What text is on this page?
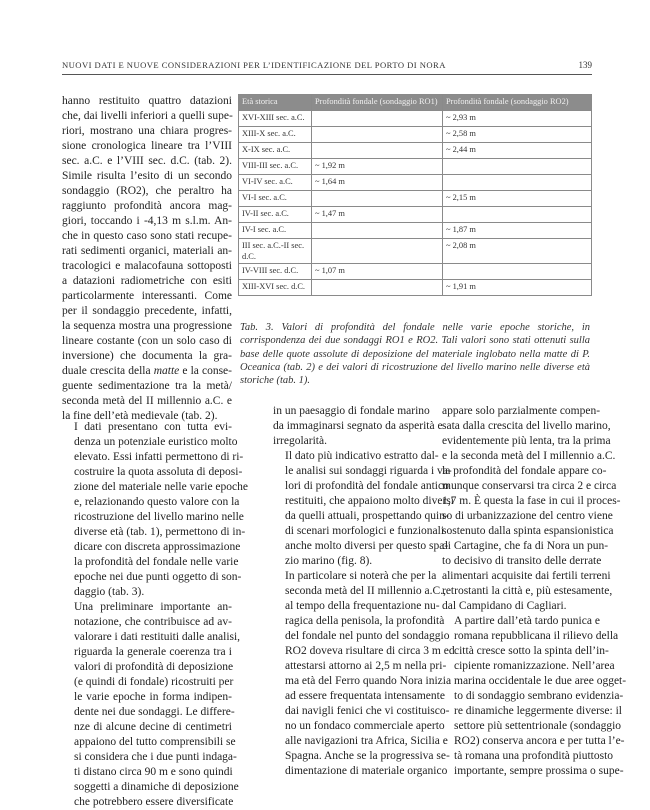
NUOVI DATI E NUOVE CONSIDERAZIONI PER L’IDENTIFICAZIONE DEL PORTO DI NORA	139

hanno restituito quattro datazioni
che, dai livelli inferiori a quelli supe-
riori, mostrano una chiara progres-
sione cronologica lineare tra l’VIII
sec. a.C. e l’VIII sec. d.C. (tab. 2).
Simile risulta l’esito di un secondo
sondaggio (RO2), che peraltro ha
raggiunto profondità ancora mag-
giori, toccando i -4,13 m s.l.m. An-
che in questo caso sono stati recupe-
rati sedimenti organici, materiali an-
tracologici e malacofauna sottoposti
a datazioni radiometriche con esiti
particolarmente interessanti. Come
per il sondaggio precedente, infatti,
la sequenza mostra una progressione
lineare costante (con un solo caso di
inversione) che documenta la gra-
duale crescita della matte e la conse-
guente sedimentazione tra la metà/
seconda metà del II millennio a.C. e
la fine dell’età medievale (tab. 2).

Età storica	Profondità fondale (sondaggio RO1)	Profondità fondale (sondaggio RO2)
XVI-XIII sec. a.C.		~ 2,93 m
XIII-X sec. a.C.		~ 2,58 m
X-IX sec. a.C.		~ 2,44 m
VIII-III sec. a.C.	~ 1,92 m	
VI-IV sec. a.C.	~ 1,64 m	
VI-I sec. a.C.		~ 2,15 m
IV-II sec. a.C.	~ 1,47 m	
IV-I sec. a.C.		~ 1,87 m
III sec. a.C.-II sec. d.C.		~ 2,08 m
IV-VIII sec. d.C.	~ 1,07 m	
XIII-XVI sec. d.C.		~ 1,91 m
Tab. 3. Valori di profondità del fondale nelle varie epoche storiche, in corrispondenza dei due sondaggi RO1 e RO2. Tali valori sono stati ottenuti sulla base delle quote assolute di deposizione del materiale inglobato nella matte di P. Oceanica (tab. 2) e dei valori di ricostruzione del livello marino nelle diverse età storiche (tab. 1).

I dati presentano con tutta evi-
denza un potenziale euristico molto
elevato. Essi infatti permettono di ri-
costruire la quota assoluta di deposi-
zione del materiale nelle varie epoche
e, relazionando questo valore con la
ricostruzione del livello marino nelle
diverse età (tab. 1), permettono di in-
dicare con discreta approssimazione
la profondità del fondale nelle varie
epoche nei due punti oggetto di son-
daggio (tab. 3).

Una preliminare importante an-
notazione, che contribuisce ad av-
valorare i dati restituiti dalle analisi,
riguarda la generale coerenza tra i
valori di profondità di deposizione
(e quindi di fondale) ricostruiti per
le varie epoche in forma indipen-
dente nei due sondaggi. Le differe-
nze di alcune decine di centimetri
appaiono del tutto comprensibili se
si considera che i due punti indaga-
ti distano circa 90 m e sono quindi
soggetti a dinamiche di deposizione
che potrebbero essere diversificate

in un paesaggio di fondale marino
da immaginarsi segnato da asperità e
irregolarità.

Il dato più indicativo estratto dal-
le analisi sui sondaggi riguarda i va-
lori di profondità del fondale antico
restituiti, che appaiono molto diversi
da quelli attuali, prospettando quin-
di scenari morfologici e funzionali
anche molto diversi per questo spa-
zio marino (fig. 8).

In particolare si noterà che per la
seconda metà del II millennio a.C.,
al tempo della frequentazione nu-
ragica della penisola, la profondità
del fondale nel punto del sondaggio
RO2 doveva risultare di circa 3 m ed
attestarsi attorno ai 2,5 m nella pri-
ma età del Ferro quando Nora inizia
ad essere frequentata intensamente
dai navigli fenici che vi costituisco-
no un fondaco commerciale aperto
alle navigazioni tra Africa, Sicilia e
Spagna. Anche se la progressiva se-
dimentazione di materiale organico

appare solo parzialmente compen-
sata dalla crescita del livello marino,
evidentemente più lenta, tra la prima
e la seconda metà del I millennio a.C.
la profondità del fondale appare co-
munque conservarsi tra circa 2 e circa
1,7 m. È questa la fase in cui il proces-
so di urbanizzazione del centro viene
sostenuto dalla spinta espansionistica
di Cartagine, che fa di Nora un pun-
to decisivo di transito delle derrate
alimentari acquisite dai fertili terreni
retrostanti la città e, più estesamente,
dal Campidano di Cagliari.

A partire dall’età tardo punica e
romana repubblicana il rilievo della
città cresce sotto la spinta dell’in-
cipiente romanizzazione. Nell’area
marina occidentale le due aree ogget-
to di sondaggio sembrano evidenzia-
re dinamiche leggermente diverse: il
settore più settentrionale (sondaggio
RO2) conserva ancora e per tutta l’e-
tà romana una profondità piuttosto
importante, sempre prossima o supe-
